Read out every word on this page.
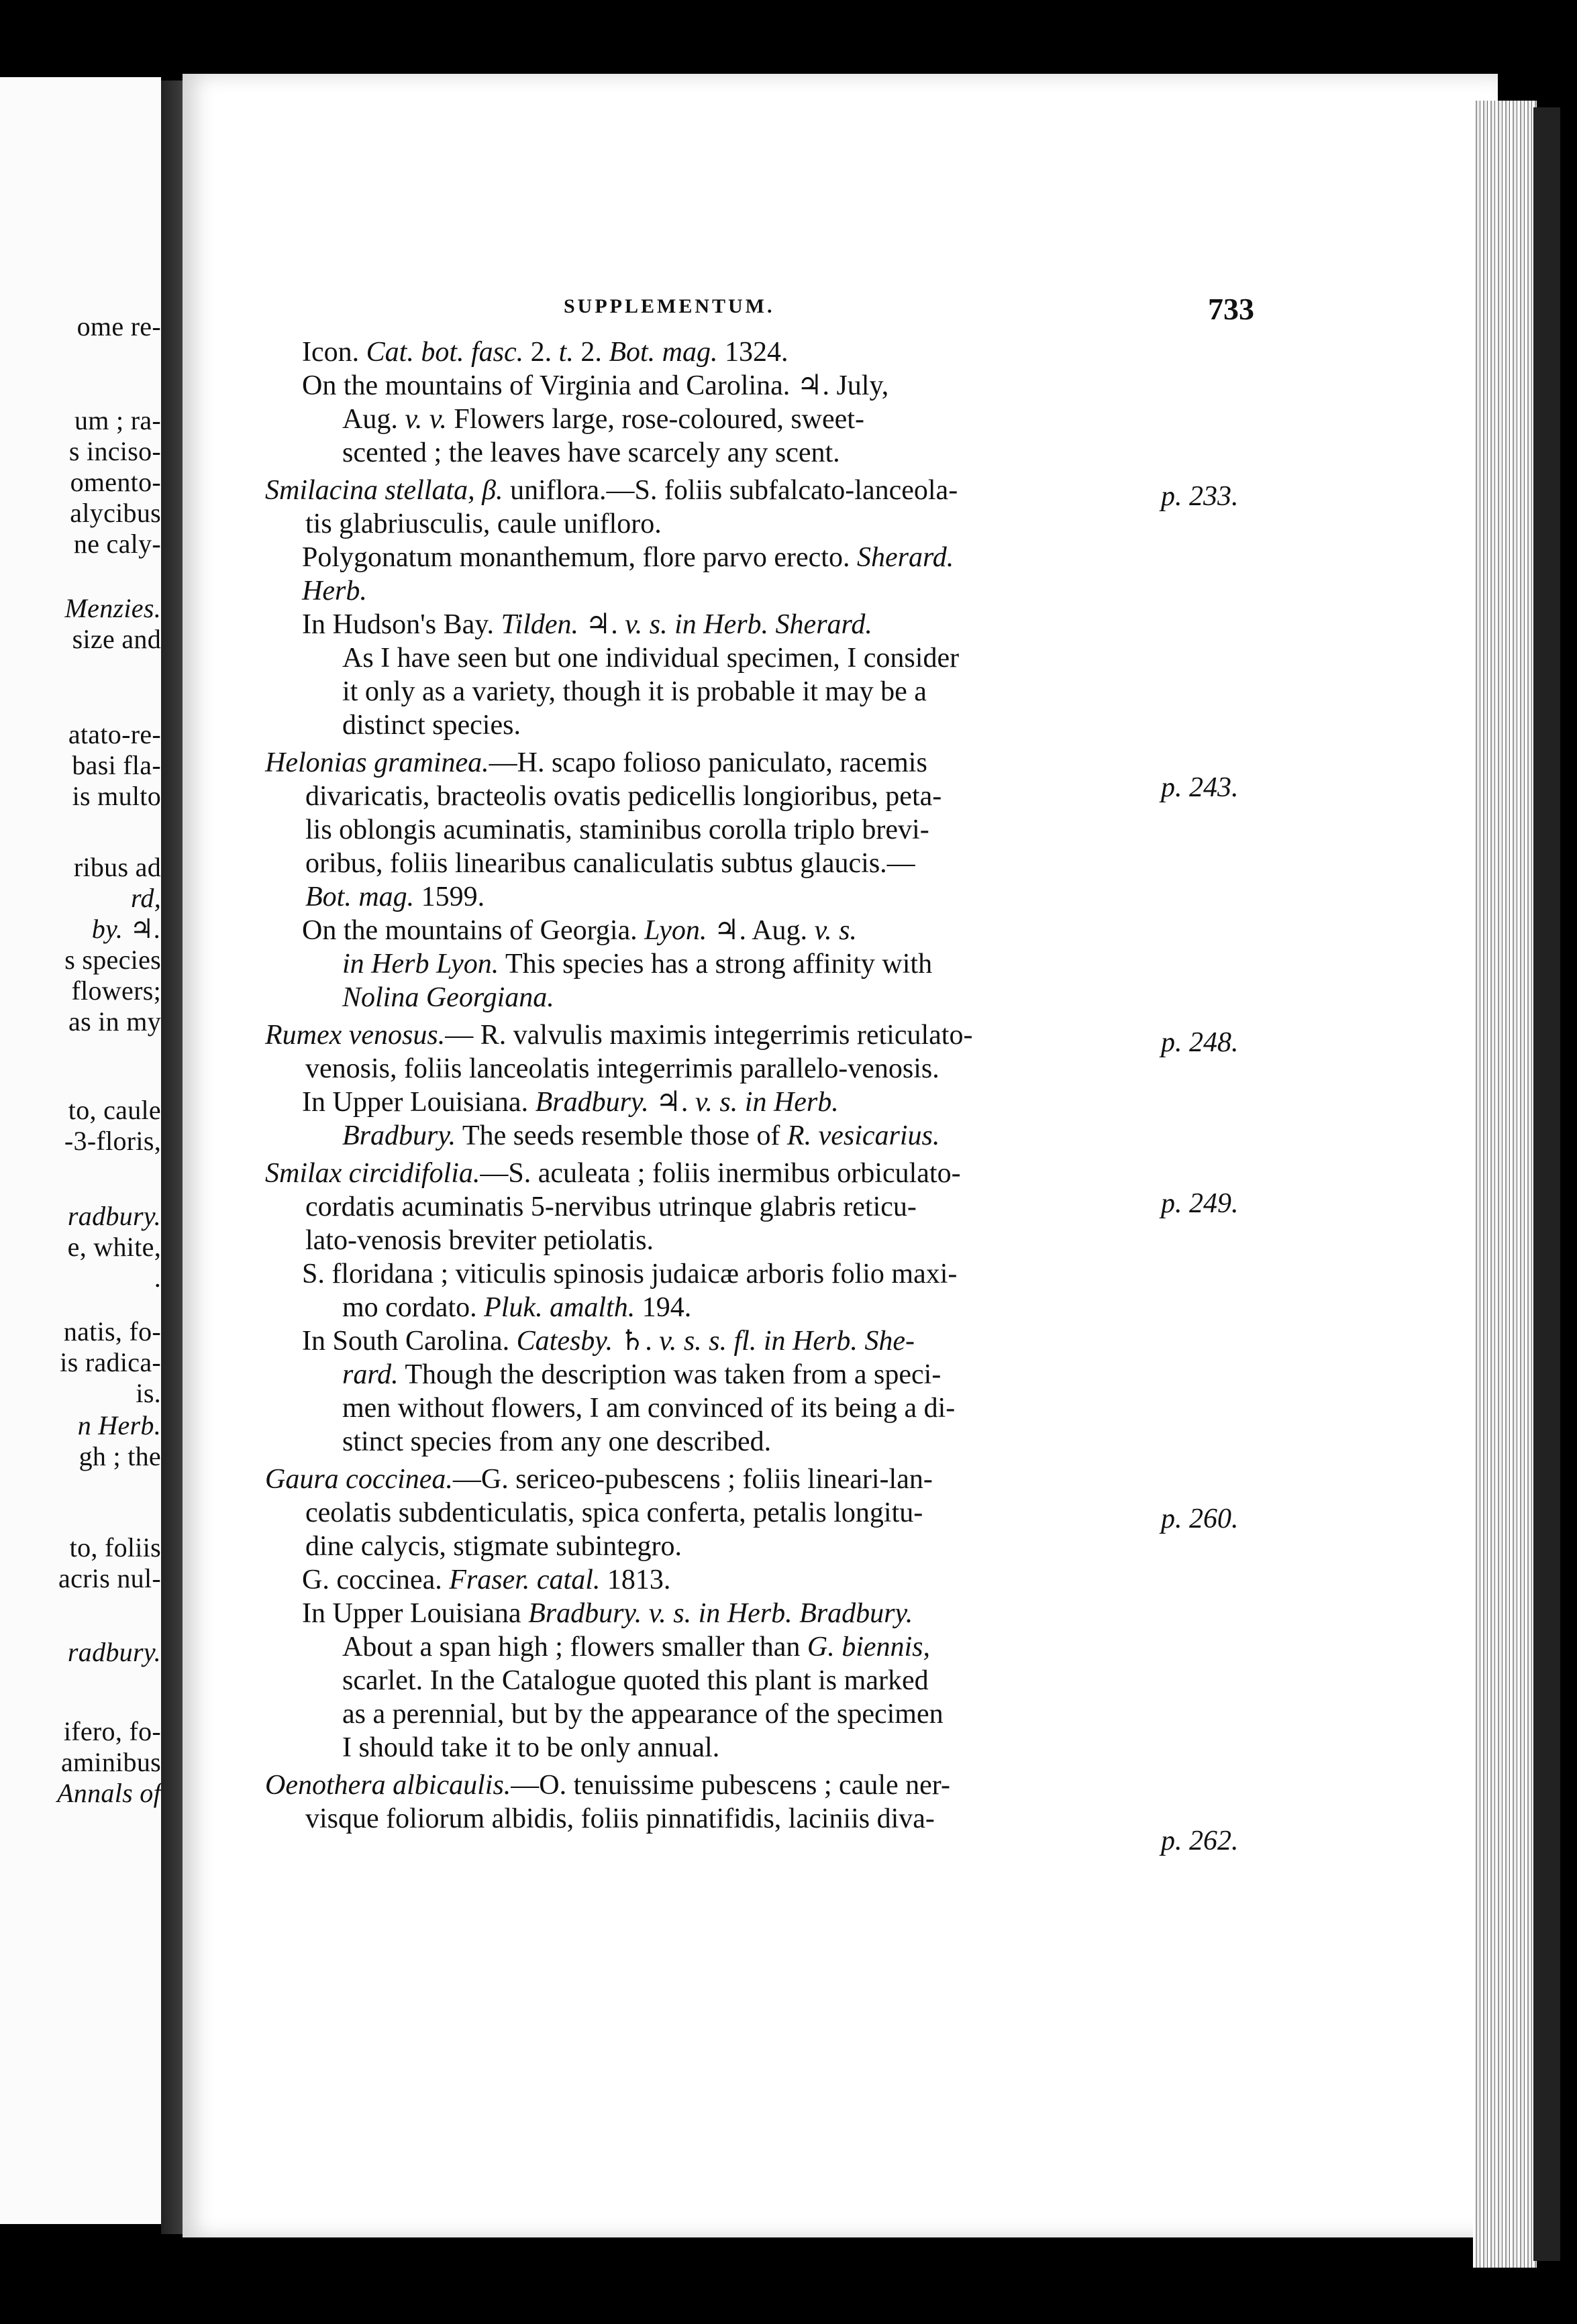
ome re-
um ; ra-
s inciso-
omento-
alycibus
ne caly-
Menzies.
size and
atato-re-
basi fla-
is multo
ribus ad
rd,
by. ♃.
s species
flowers;
as in my
to, caule
-3-floris,
radbury.
e, white,
.
natis, fo-
is radica-
is.
n Herb.
gh ; the
to, foliis
acris nul-
radbury.
ifero, fo-
aminibus
Annals of
SUPPLEMENTUM.	733
Icon. Cat. bot. fasc. 2. t. 2. Bot. mag. 1324.
On the mountains of Virginia and Carolina. ♃. July,
Aug. v. v. Flowers large, rose-coloured, sweet-
scented ; the leaves have scarcely any scent.
Smilacina stellata, β. uniflora.—S. foliis subfalcato-lanceola-
tis glabriusculis, caule unifloro.
Polygonatum monanthemum, flore parvo erecto. Sherard.
Herb.
In Hudson's Bay. Tilden. ♃. v. s. in Herb. Sherard.
As I have seen but one individual specimen, I consider
it only as a variety, though it is probable it may be a
distinct species.
Helonias graminea.—H. scapo folioso paniculato, racemis
divaricatis, bracteolis ovatis pedicellis longioribus, peta-
lis oblongis acuminatis, staminibus corolla triplo brevi-
oribus, foliis linearibus canaliculatis subtus glaucis.—
Bot. mag. 1599.
On the mountains of Georgia. Lyon. ♃. Aug. v. s.
in Herb Lyon. This species has a strong affinity with
Nolina Georgiana.
Rumex venosus.— R. valvulis maximis integerrimis reticulato-
venosis, foliis lanceolatis integerrimis parallelo-venosis.
In Upper Louisiana. Bradbury. ♃. v. s. in Herb.
Bradbury. The seeds resemble those of R. vesicarius.
Smilax circidifolia.—S. aculeata ; foliis inermibus orbiculato-
cordatis acuminatis 5-nervibus utrinque glabris reticu-
lato-venosis breviter petiolatis.
S. floridana ; viticulis spinosis judaicæ arboris folio maxi-
mo cordato. Pluk. amalth. 194.
In South Carolina. Catesby. ♄. v. s. s. fl. in Herb. She-
rard. Though the description was taken from a speci-
men without flowers, I am convinced of its being a di-
stinct species from any one described.
Gaura coccinea.—G. sericeo-pubescens ; foliis lineari-lan-
ceolatis subdenticulatis, spica conferta, petalis longitu-
dine calycis, stigmate subintegro.
G. coccinea. Fraser. catal. 1813.
In Upper Louisiana Bradbury. v. s. in Herb. Bradbury.
About a span high ; flowers smaller than G. biennis,
scarlet. In the Catalogue quoted this plant is marked
as a perennial, but by the appearance of the specimen
I should take it to be only annual.
Oenothera albicaulis.—O. tenuissime pubescens ; caule ner-
visque foliorum albidis, foliis pinnatifidis, laciniis diva-
p. 233.
p. 243.
p. 248.
p. 249.
p. 260.
p. 262.
